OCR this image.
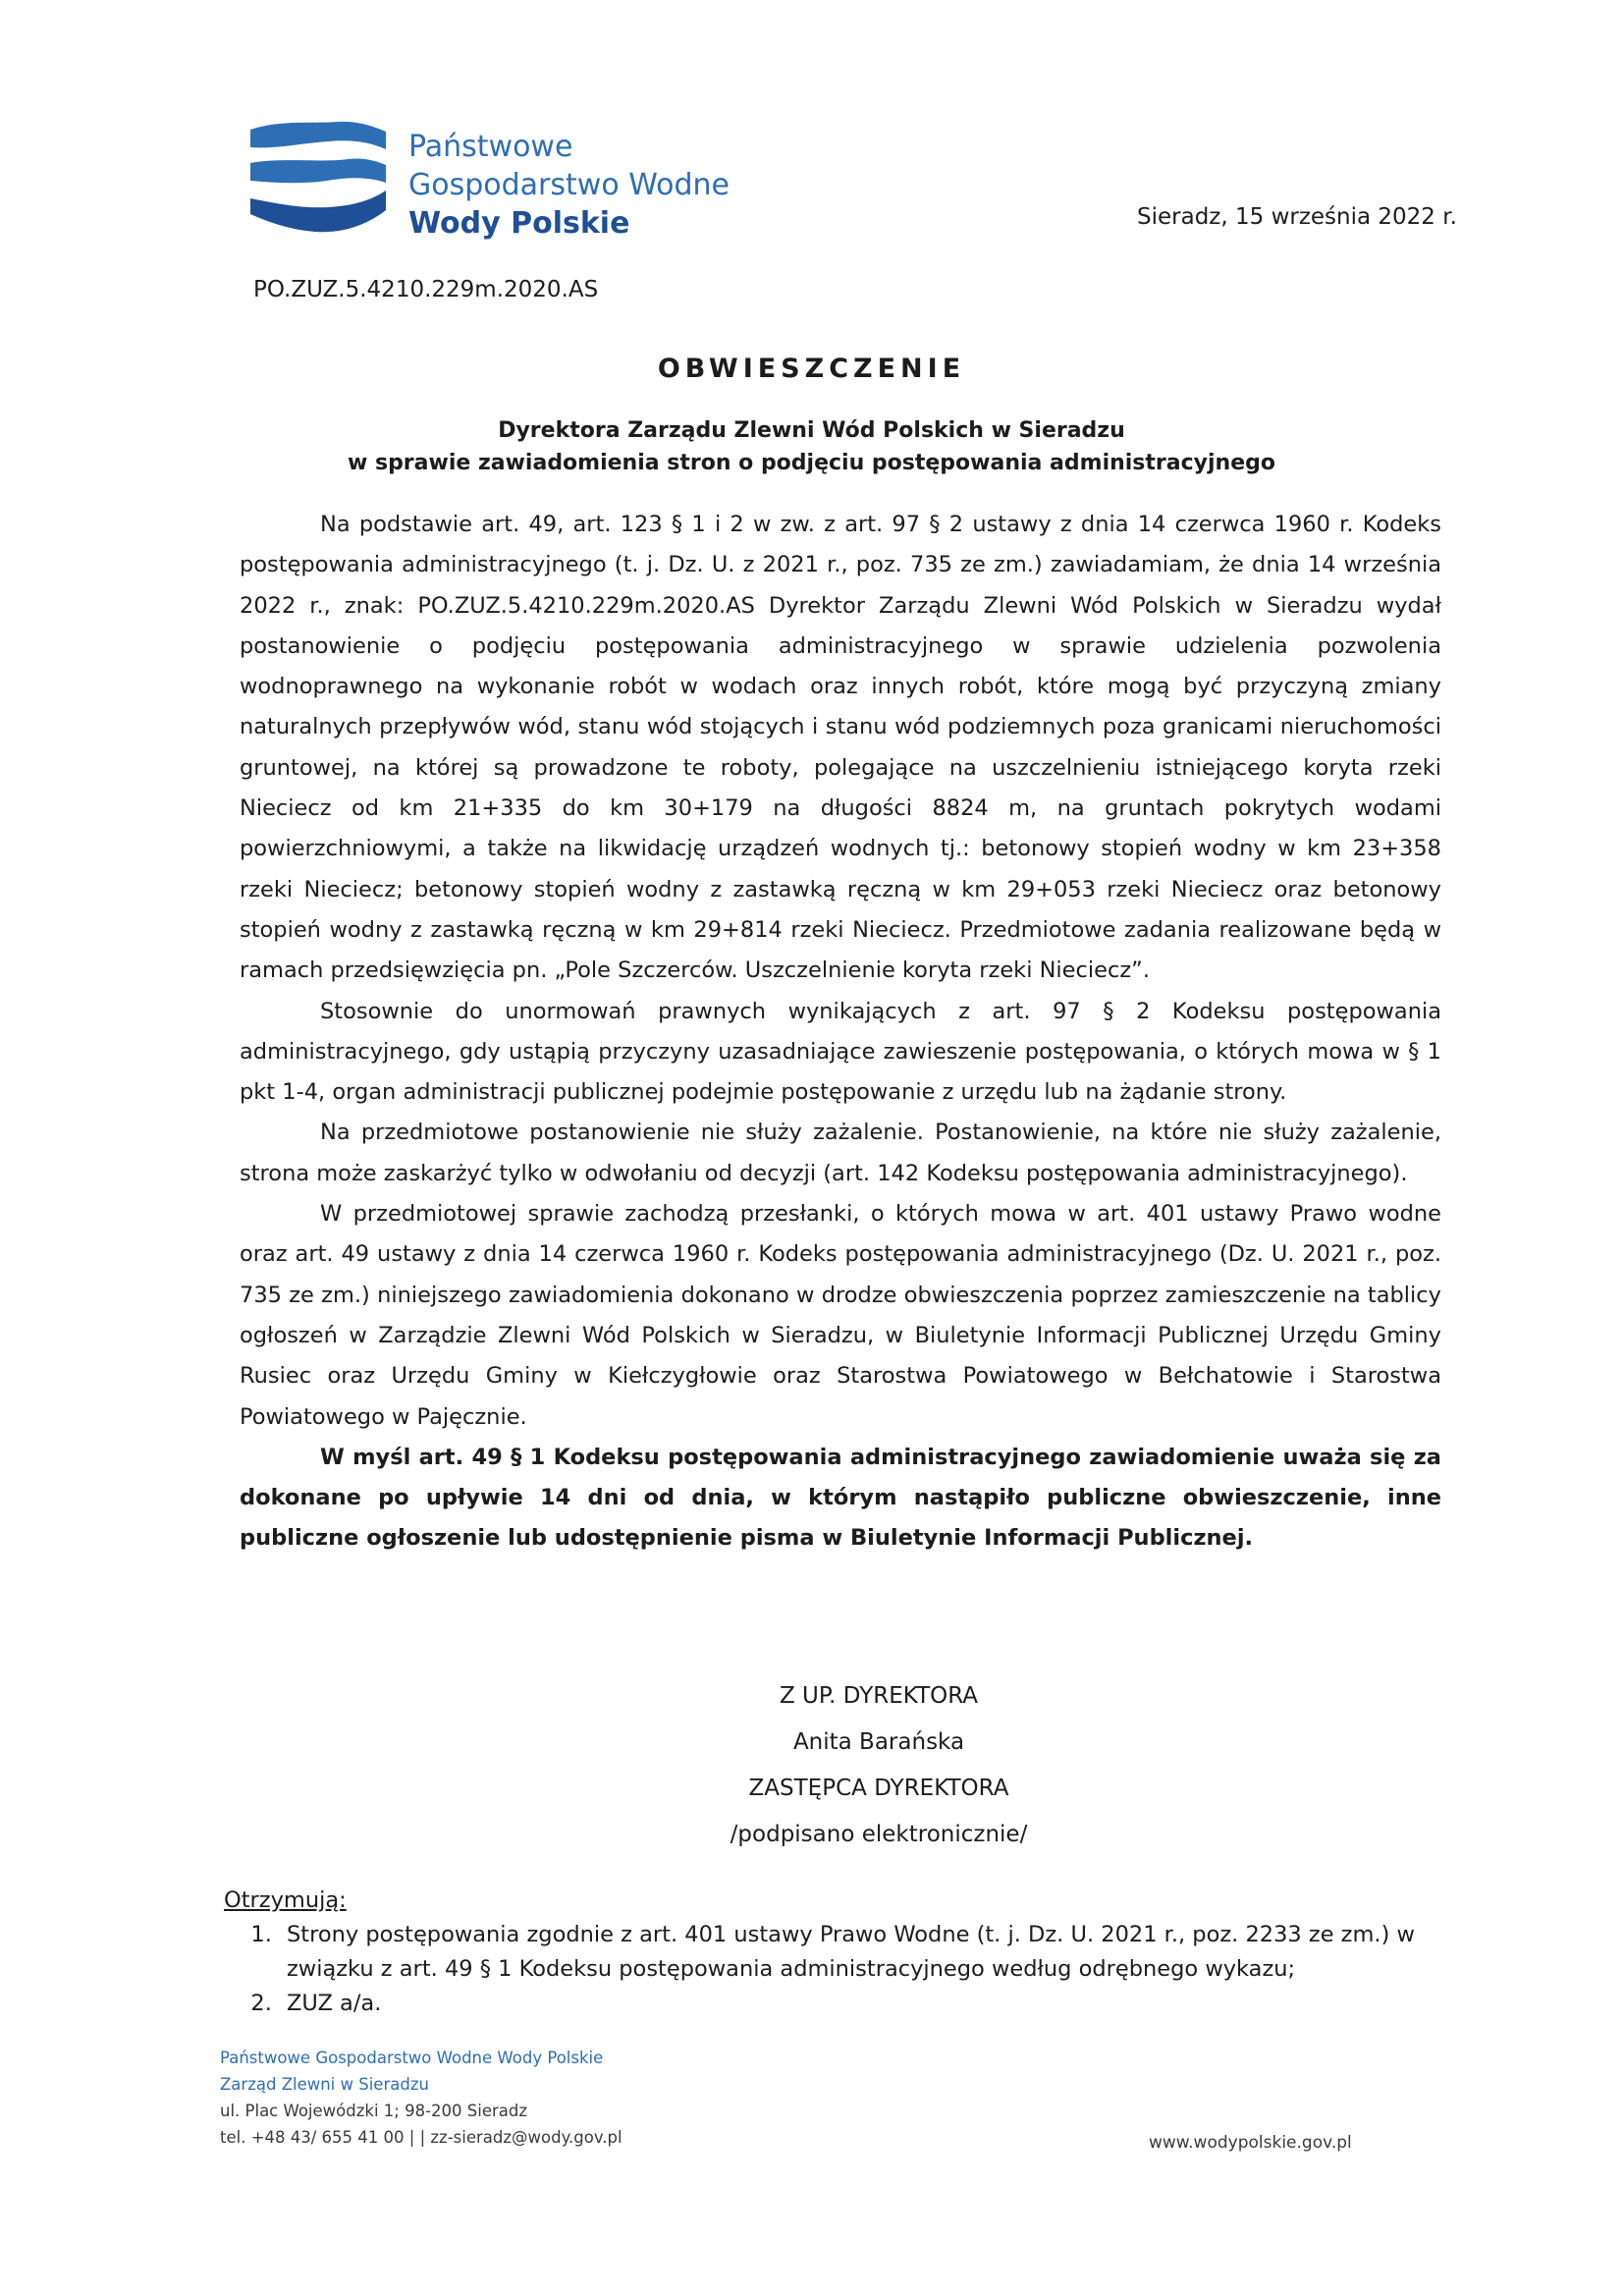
Państwowe
Gospodarstwo Wodne
Wody Polskie	Sieradz, 15 września 2022 r.
PO.ZUZ.5.4210.229m.2020.AS
OBWIESZCZENIE
Dyrektora Zarządu Zlewni Wód Polskich w Sieradzu
w sprawie zawiadomienia stron o podjęciu postępowania administracyjnego

Na podstawie art. 49, art. 123 § 1 i 2 w zw. z art. 97 § 2 ustawy z dnia 14 czerwca 1960 r. Kodeks postępowania administracyjnego (t. j. Dz. U. z 2021 r., poz. 735 ze zm.) zawiadamiam, że dnia 14 września 2022 r., znak: PO.ZUZ.5.4210.229m.2020.AS Dyrektor Zarządu Zlewni Wód Polskich w Sieradzu wydał postanowienie o podjęciu postępowania administracyjnego w sprawie udzielenia pozwolenia wodnoprawnego na wykonanie robót w wodach oraz innych robót, które mogą być przyczyną zmiany naturalnych przepływów wód, stanu wód stojących i stanu wód podziemnych poza granicami nieruchomości gruntowej, na której są prowadzone te roboty, polegające na uszczelnieniu istniejącego koryta rzeki Nieciecz od km 21+335 do km 30+179 na długości 8824 m, na gruntach pokrytych wodami powierzchniowymi, a także na likwidację urządzeń wodnych tj.: betonowy stopień wodny w km 23+358 rzeki Nieciecz; betonowy stopień wodny z zastawką ręczną w km 29+053 rzeki Nieciecz oraz betonowy stopień wodny z zastawką ręczną w km 29+814 rzeki Nieciecz. Przedmiotowe zadania realizowane będą w ramach przedsięwzięcia pn. „Pole Szczerców. Uszczelnienie koryta rzeki Nieciecz”.

Stosownie do unormowań prawnych wynikających z art. 97 § 2 Kodeksu postępowania administracyjnego, gdy ustąpią przyczyny uzasadniające zawieszenie postępowania, o których mowa w § 1 pkt 1-4, organ administracji publicznej podejmie postępowanie z urzędu lub na żądanie strony.

Na przedmiotowe postanowienie nie służy zażalenie. Postanowienie, na które nie służy zażalenie, strona może zaskarżyć tylko w odwołaniu od decyzji (art. 142 Kodeksu postępowania administracyjnego).

W przedmiotowej sprawie zachodzą przesłanki, o których mowa w art. 401 ustawy Prawo wodne oraz art. 49 ustawy z dnia 14 czerwca 1960 r. Kodeks postępowania administracyjnego (Dz. U. 2021 r., poz. 735 ze zm.) niniejszego zawiadomienia dokonano w drodze obwieszczenia poprzez zamieszczenie na tablicy ogłoszeń w Zarządzie Zlewni Wód Polskich w Sieradzu, w Biuletynie Informacji Publicznej Urzędu Gminy Rusiec oraz Urzędu Gminy w Kiełczygłowie oraz Starostwa Powiatowego w Bełchatowie i Starostwa Powiatowego w Pajęcznie.

W myśl art. 49 § 1 Kodeksu postępowania administracyjnego zawiadomienie uważa się za dokonane po upływie 14 dni od dnia, w którym nastąpiło publiczne obwieszczenie, inne publiczne ogłoszenie lub udostępnienie pisma w Biuletynie Informacji Publicznej.

Z UP. DYREKTORA
Anita Barańska
ZASTĘPCA DYREKTORA
/podpisano elektronicznie/
Otrzymują:
1. Strony postępowania zgodnie z art. 401 ustawy Prawo Wodne (t. j. Dz. U. 2021 r., poz. 2233 ze zm.) w związku z art. 49 § 1 Kodeksu postępowania administracyjnego według odrębnego wykazu;
2. ZUZ a/a.
Państwowe Gospodarstwo Wodne Wody Polskie
Zarząd Zlewni w Sieradzu
ul. Plac Wojewódzki 1; 98-200 Sieradz
tel. +48 43/ 655 41 00 | | zz-sieradz@wody.gov.pl	www.wodypolskie.gov.pl
